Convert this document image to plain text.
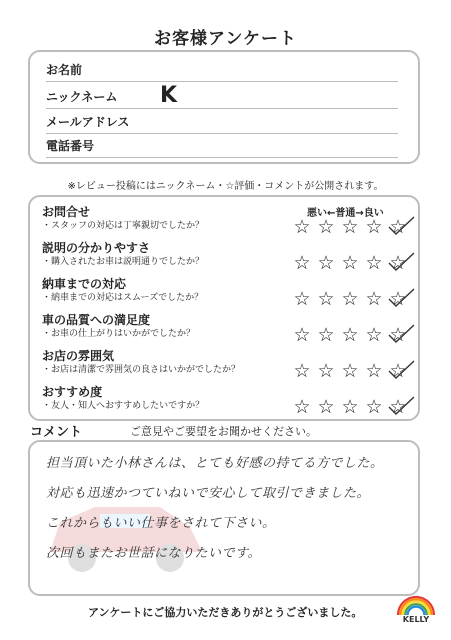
お客様アンケート
お名前
ニックネーム K
メールアドレス
電話番号
※レビュー投稿にはニックネーム・☆評価・コメントが公開されます。
悪い←普通→良い
お問合せ
・スタッフの対応は丁寧親切でしたか？	☆ ☆ ☆ ☆ ☆
説明の分かりやすさ
・購入されたお車は説明通りでしたか？	☆ ☆ ☆ ☆ ☆
納車までの対応
・納車までの対応はスムーズでしたか？	☆ ☆ ☆ ☆ ☆
車の品質への満足度
・お車の仕上がりはいかがでしたか？	☆ ☆ ☆ ☆ ☆
お店の雰囲気
・お店は清潔で雰囲気の良さはいかがでしたか？	☆ ☆ ☆ ☆ ☆
おすすめ度
・友人・知人へおすすめしたいですか？	☆ ☆ ☆ ☆ ☆
コメント	ご意見やご要望をお聞かせください。
担当頂いた小林さんは、とても好感の持てる方でした。
対応も迅速かつていねいで安心して取引できました。
これからもいい仕事をされて下さい。
次回もまたお世話になりたいです。
アンケートにご協力いただきありがとうございました。
KELLY
